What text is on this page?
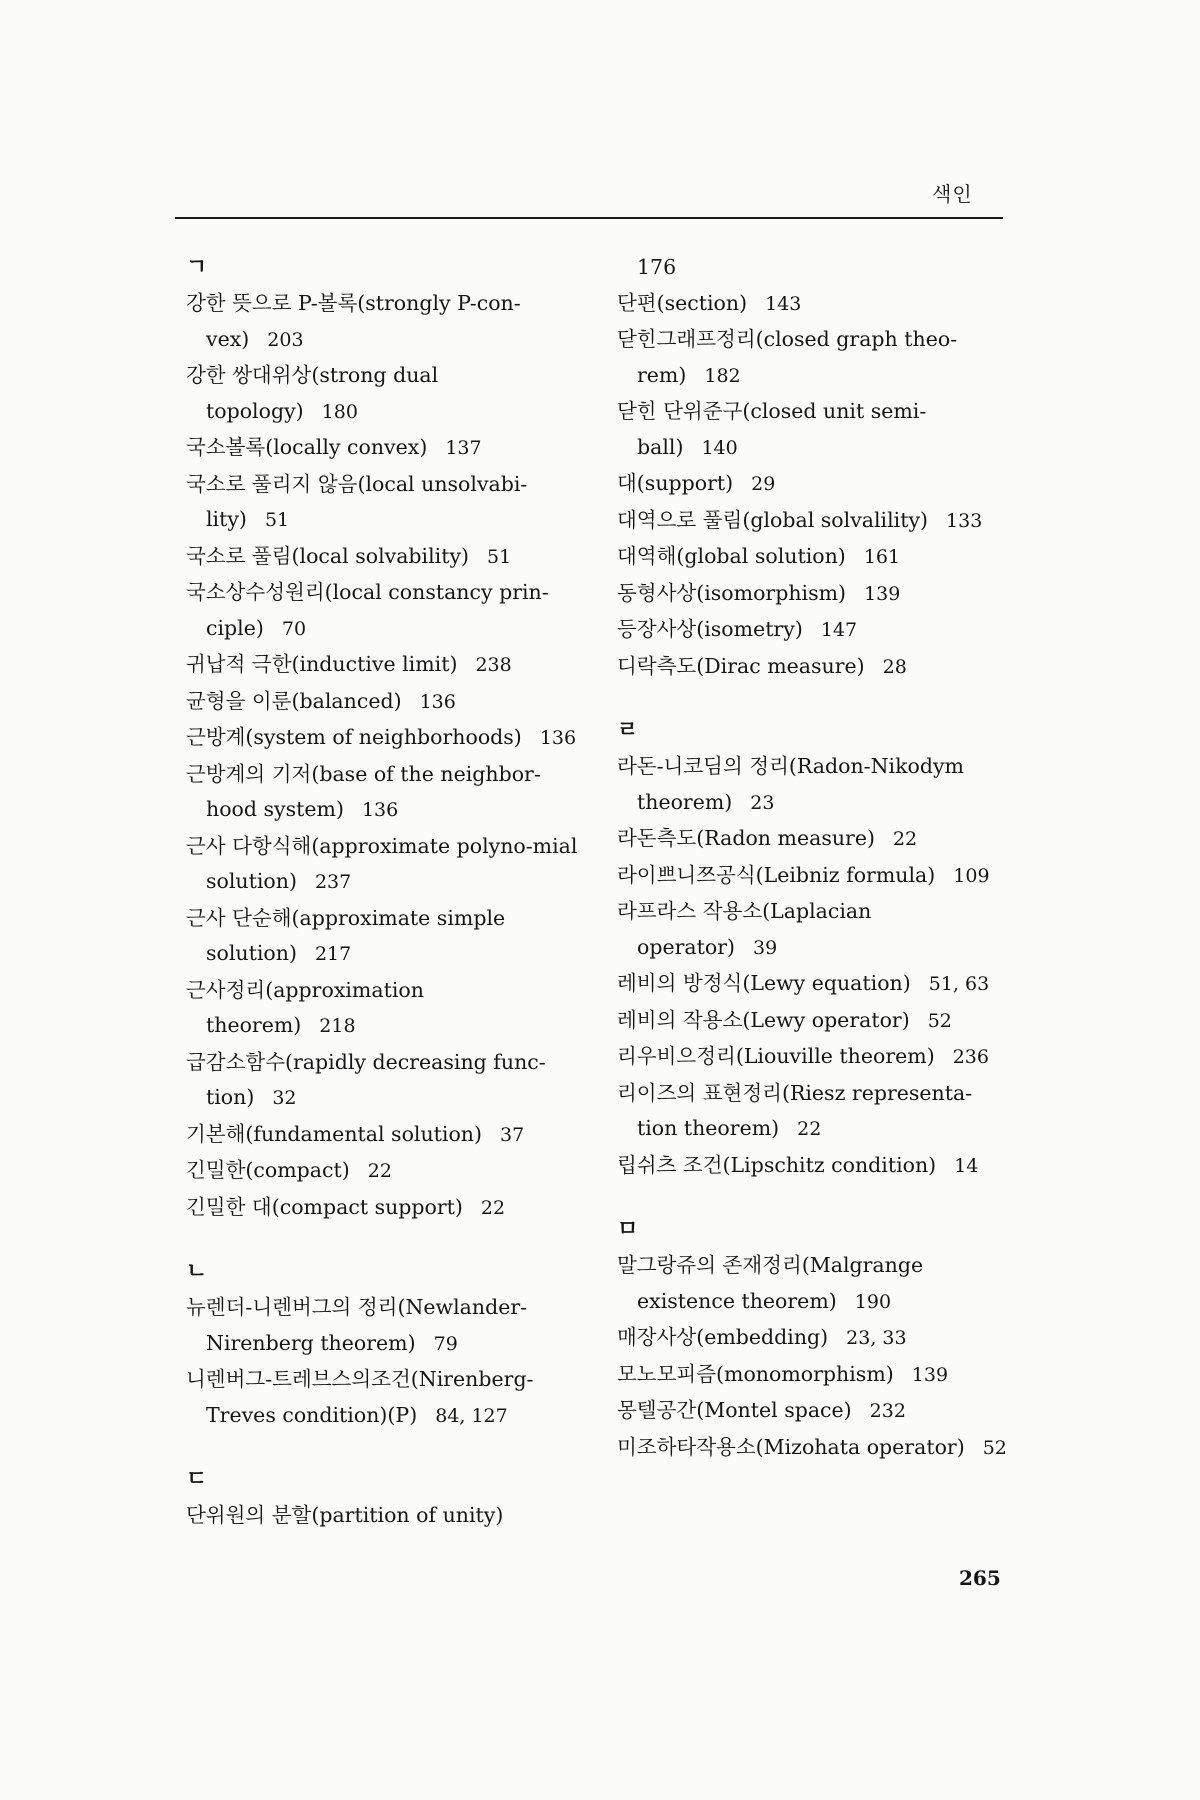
색인
ㄱ
강한 뜻으로 P-볼록(strongly P-con-vex) 203
강한 쌍대위상(strong dual topology) 180
국소볼록(locally convex) 137
국소로 풀리지 않음(local unsolvabi-lity) 51
국소로 풀림(local solvability) 51
국소상수성원리(local constancy prin-ciple) 70
귀납적 극한(inductive limit) 238
균형을 이룬(balanced) 136
근방계(system of neighborhoods) 136
근방계의 기저(base of the neighbor-hood system) 136
근사 다항식해(approximate polyno-mial solution) 237
근사 단순해(approximate simple solution) 217
근사정리(approximation theorem) 218
급감소함수(rapidly decreasing func-tion) 32
기본해(fundamental solution) 37
긴밀한(compact) 22
긴밀한 대(compact support) 22
ㄴ
뉴렌더-니렌버그의 정리(Newlander-Nirenberg theorem) 79
니렌버그-트레브스의조건(Nirenberg-Treves condition)(P) 84, 127
ㄷ
단위원의 분할(partition of unity)
176
단편(section) 143
닫힌그래프정리(closed graph theo-rem) 182
닫힌 단위준구(closed unit semi-ball) 140
대(support) 29
대역으로 풀림(global solvalility) 133
대역해(global solution) 161
동형사상(isomorphism) 139
등장사상(isometry) 147
디락측도(Dirac measure) 28
ㄹ
라돈-니코딤의 정리(Radon-Nikodym theorem) 23
라돈측도(Radon measure) 22
라이쁘니쯔공식(Leibniz formula) 109
라프라스 작용소(Laplacian operator) 39
레비의 방정식(Lewy equation) 51, 63
레비의 작용소(Lewy operator) 52
리우비으정리(Liouville theorem) 236
리이즈의 표현정리(Riesz representa-tion theorem) 22
립쉬츠 조건(Lipschitz condition) 14
ㅁ
말그랑쥬의 존재정리(Malgrange existence theorem) 190
매장사상(embedding) 23, 33
모노모피즘(monomorphism) 139
몽텔공간(Montel space) 232
미조하타작용소(Mizohata operator) 52
265
